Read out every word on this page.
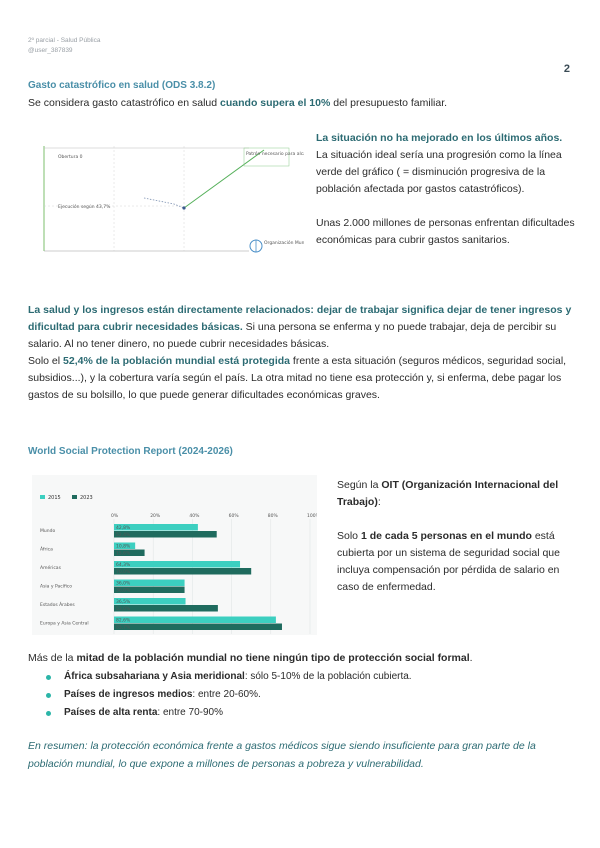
2º parcial - Salud Pública
@user_387839
2
Gasto catastrófico en salud (ODS 3.8.2)
Se considera gasto catastrófico en salud cuando supera el 10% del presupuesto familiar.
Patrón necesario para alc
Obertura 0
Ejecución según 43,7%
Organización Mun
La situación no ha mejorado en los últimos años.
La situación ideal sería una progresión como la línea verde del gráfico ( = disminución progresiva de la población afectada por gastos catastróficos).
Unas 2.000 millones de personas enfrentan dificultades económicas para cubrir gastos sanitarios.
La salud y los ingresos están directamente relacionados: dejar de trabajar significa dejar de tener ingresos y dificultad para cubrir necesidades básicas. Si una persona se enferma y no puede trabajar, deja de percibir su salario. Al no tener dinero, no puede cubrir necesidades básicas.
Solo el 52,4% de la población mundial está protegida frente a esta situación (seguros médicos, seguridad social, subsidios...), y la cobertura varía según el país. La otra mitad no tiene esa protección y, si enferma, debe pagar los gastos de su bolsillo, lo que puede generar dificultades económicas graves.
World Social Protection Report (2024-2026)
2015	2023
0%	20%	40%	60%	80%	100
Mundo
42,8%
52,4%
África
10,8%
15,6%
Américas
64,3%
70,0%
Asia y Pacífico
36,0%
36,0%
Estados Árabes
36,5%
53,0%
Europa y Asia Central
82,6%
85,7%
Según la OIT (Organización Internacional del Trabajo):
Solo 1 de cada 5 personas en el mundo está cubierta por un sistema de seguridad social que incluya compensación por pérdida de salario en caso de enfermedad.
Más de la mitad de la población mundial no tiene ningún tipo de protección social formal.
África subsahariana y Asia meridional: sólo 5-10% de la población cubierta.
Países de ingresos medios: entre 20-60%.
Países de alta renta: entre 70-90%
En resumen: la protección económica frente a gastos médicos sigue siendo insuficiente para gran parte de la población mundial, lo que expone a millones de personas a pobreza y vulnerabilidad.
